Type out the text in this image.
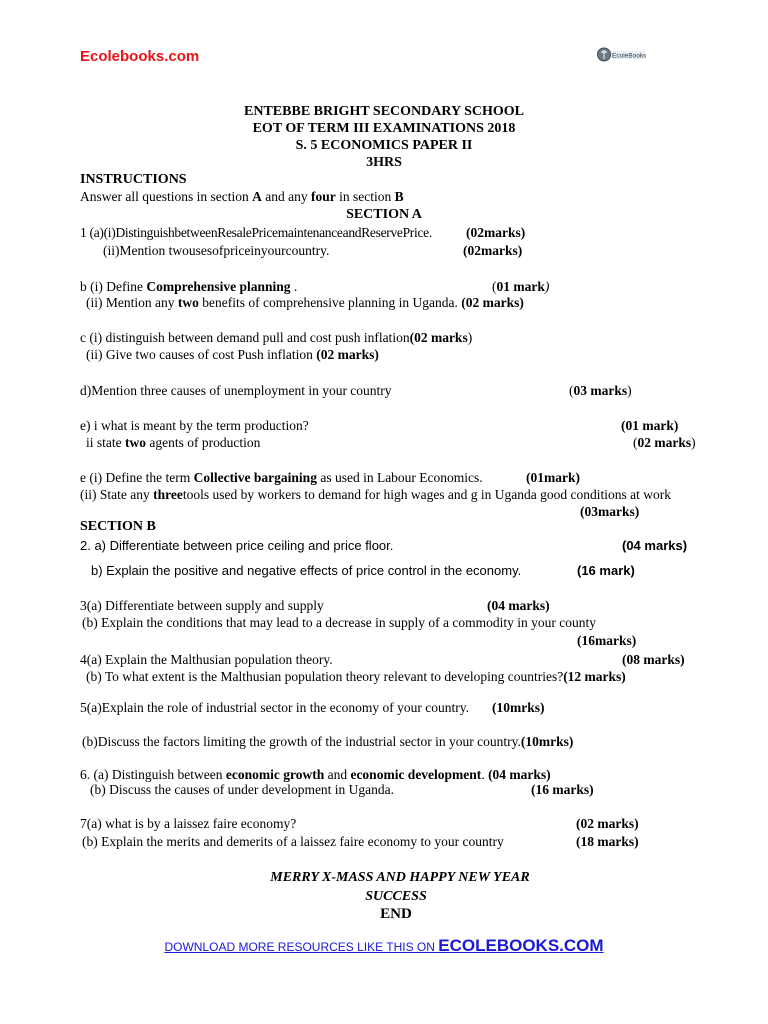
Ecolebooks.com	EcoleBooks
ENTEBBE BRIGHT SECONDARY SCHOOL
EOT OF TERM III EXAMINATIONS 2018
S. 5 ECONOMICS PAPER II
3HRS
INSTRUCTIONS
Answer all questions in section A and any four in section B
SECTION A
1 (a)(i)DistinguishbetweenResalePricemaintenanceandReservePrice.	(02marks)
(ii)Mention twousesofpriceinyourcountry.	(02marks)
b (i) Define Comprehensive planning .	(01 mark)
(ii) Mention any two benefits of comprehensive planning in Uganda. (02 marks)
c (i) distinguish between demand pull and cost push inflation(02 marks)
(ii) Give two causes of cost Push inflation (02 marks)
d)Mention three causes of unemployment in your country	(03 marks)
e) i what is meant by the term production?	(01 mark)
ii state two agents of production	(02 marks)
e (i) Define the term Collective bargaining as used in Labour Economics.	(01mark)
(ii) State any threetools used by workers to demand for high wages and g in Uganda good conditions at work
(03marks)
SECTION B
2. a) Differentiate between price ceiling and price floor.	(04 marks)
b) Explain the positive and negative effects of price control in the economy.	(16 mark)
3(a) Differentiate between supply and supply	(04 marks)
(b) Explain the conditions that may lead to a decrease in supply of a commodity in your county
(16marks)
4(a) Explain the Malthusian population theory.	(08 marks)
(b) To what extent is the Malthusian population theory relevant to developing countries?(12 marks)
5(a)Explain the role of industrial sector in the economy of your country. (10mrks)
(b)Discuss the factors limiting the growth of the industrial sector in your country.(10mrks)
6. (a) Distinguish between economic growth and economic development. (04 marks)
(b) Discuss the causes of under development in Uganda.	(16 marks)
7(a) what is by a laissez faire economy?	(02 marks)
(b) Explain the merits and demerits of a laissez faire economy to your country	(18 marks)
MERRY X-MASS AND HAPPY NEW YEAR
SUCCESS
END
DOWNLOAD MORE RESOURCES LIKE THIS ON ECOLEBOOKS.COM
